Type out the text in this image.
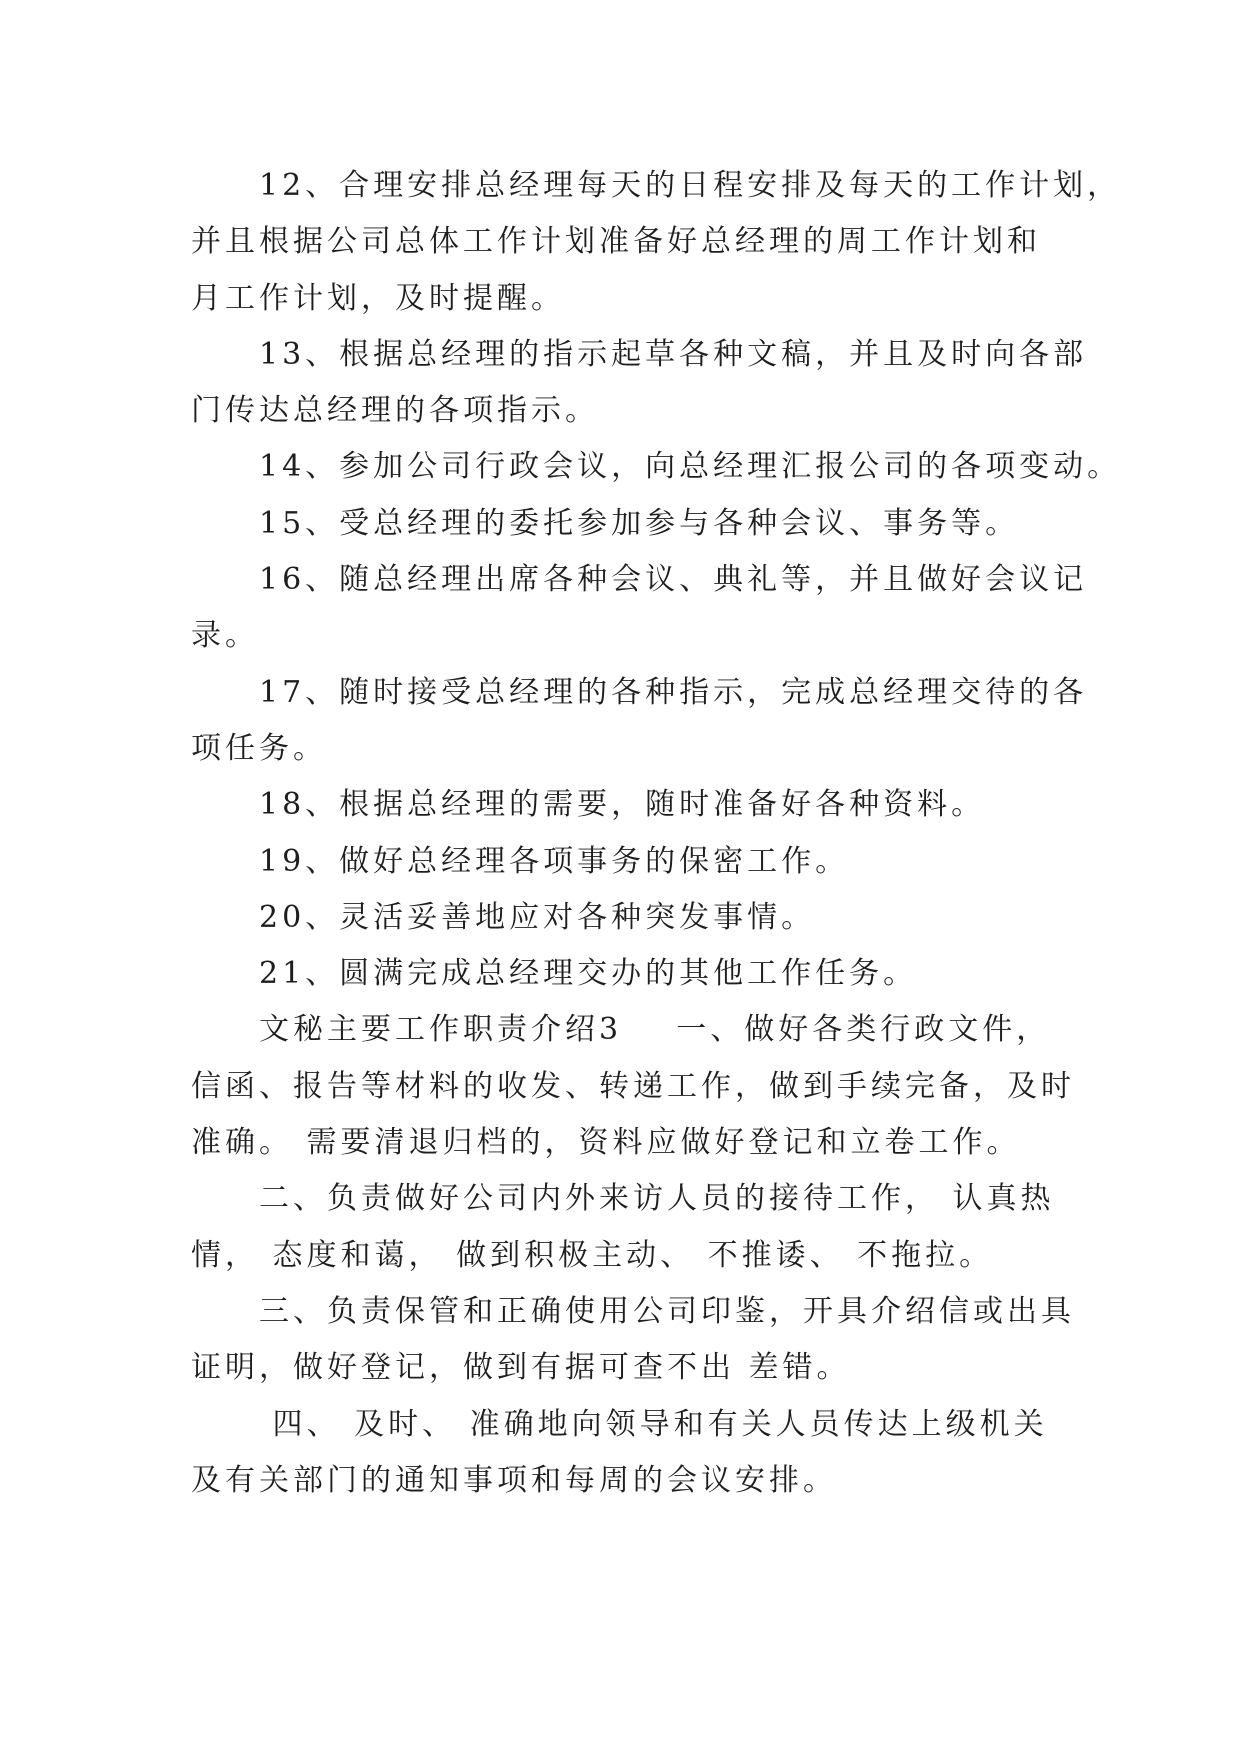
12、合理安排总经理每天的日程安排及每天的工作计划，
并且根据公司总体工作计划准备好总经理的周工作计划和
月工作计划，及时提醒。
13、根据总经理的指示起草各种文稿，并且及时向各部
门传达总经理的各项指示。
14、参加公司行政会议，向总经理汇报公司的各项变动。
15、受总经理的委托参加参与各种会议、事务等。
16、随总经理出席各种会议、典礼等，并且做好会议记
录。
17、随时接受总经理的各种指示，完成总经理交待的各
项任务。
18、根据总经理的需要，随时准备好各种资料。
19、做好总经理各项事务的保密工作。
20、灵活妥善地应对各种突发事情。
21、圆满完成总经理交办的其他工作任务。
文秘主要工作职责介绍3    一、做好各类行政文件，
信函、报告等材料的收发、转递工作，做到手续完备，及时
准确。 需要清退归档的，资料应做好登记和立卷工作。
二、负责做好公司内外来访人员的接待工作， 认真热
情， 态度和蔼， 做到积极主动、 不推诿、 不拖拉。
三、负责保管和正确使用公司印鉴，开具介绍信或出具
证明，做好登记，做到有据可查不出 差错。
四、 及时、 准确地向领导和有关人员传达上级机关
及有关部门的通知事项和每周的会议安排。
